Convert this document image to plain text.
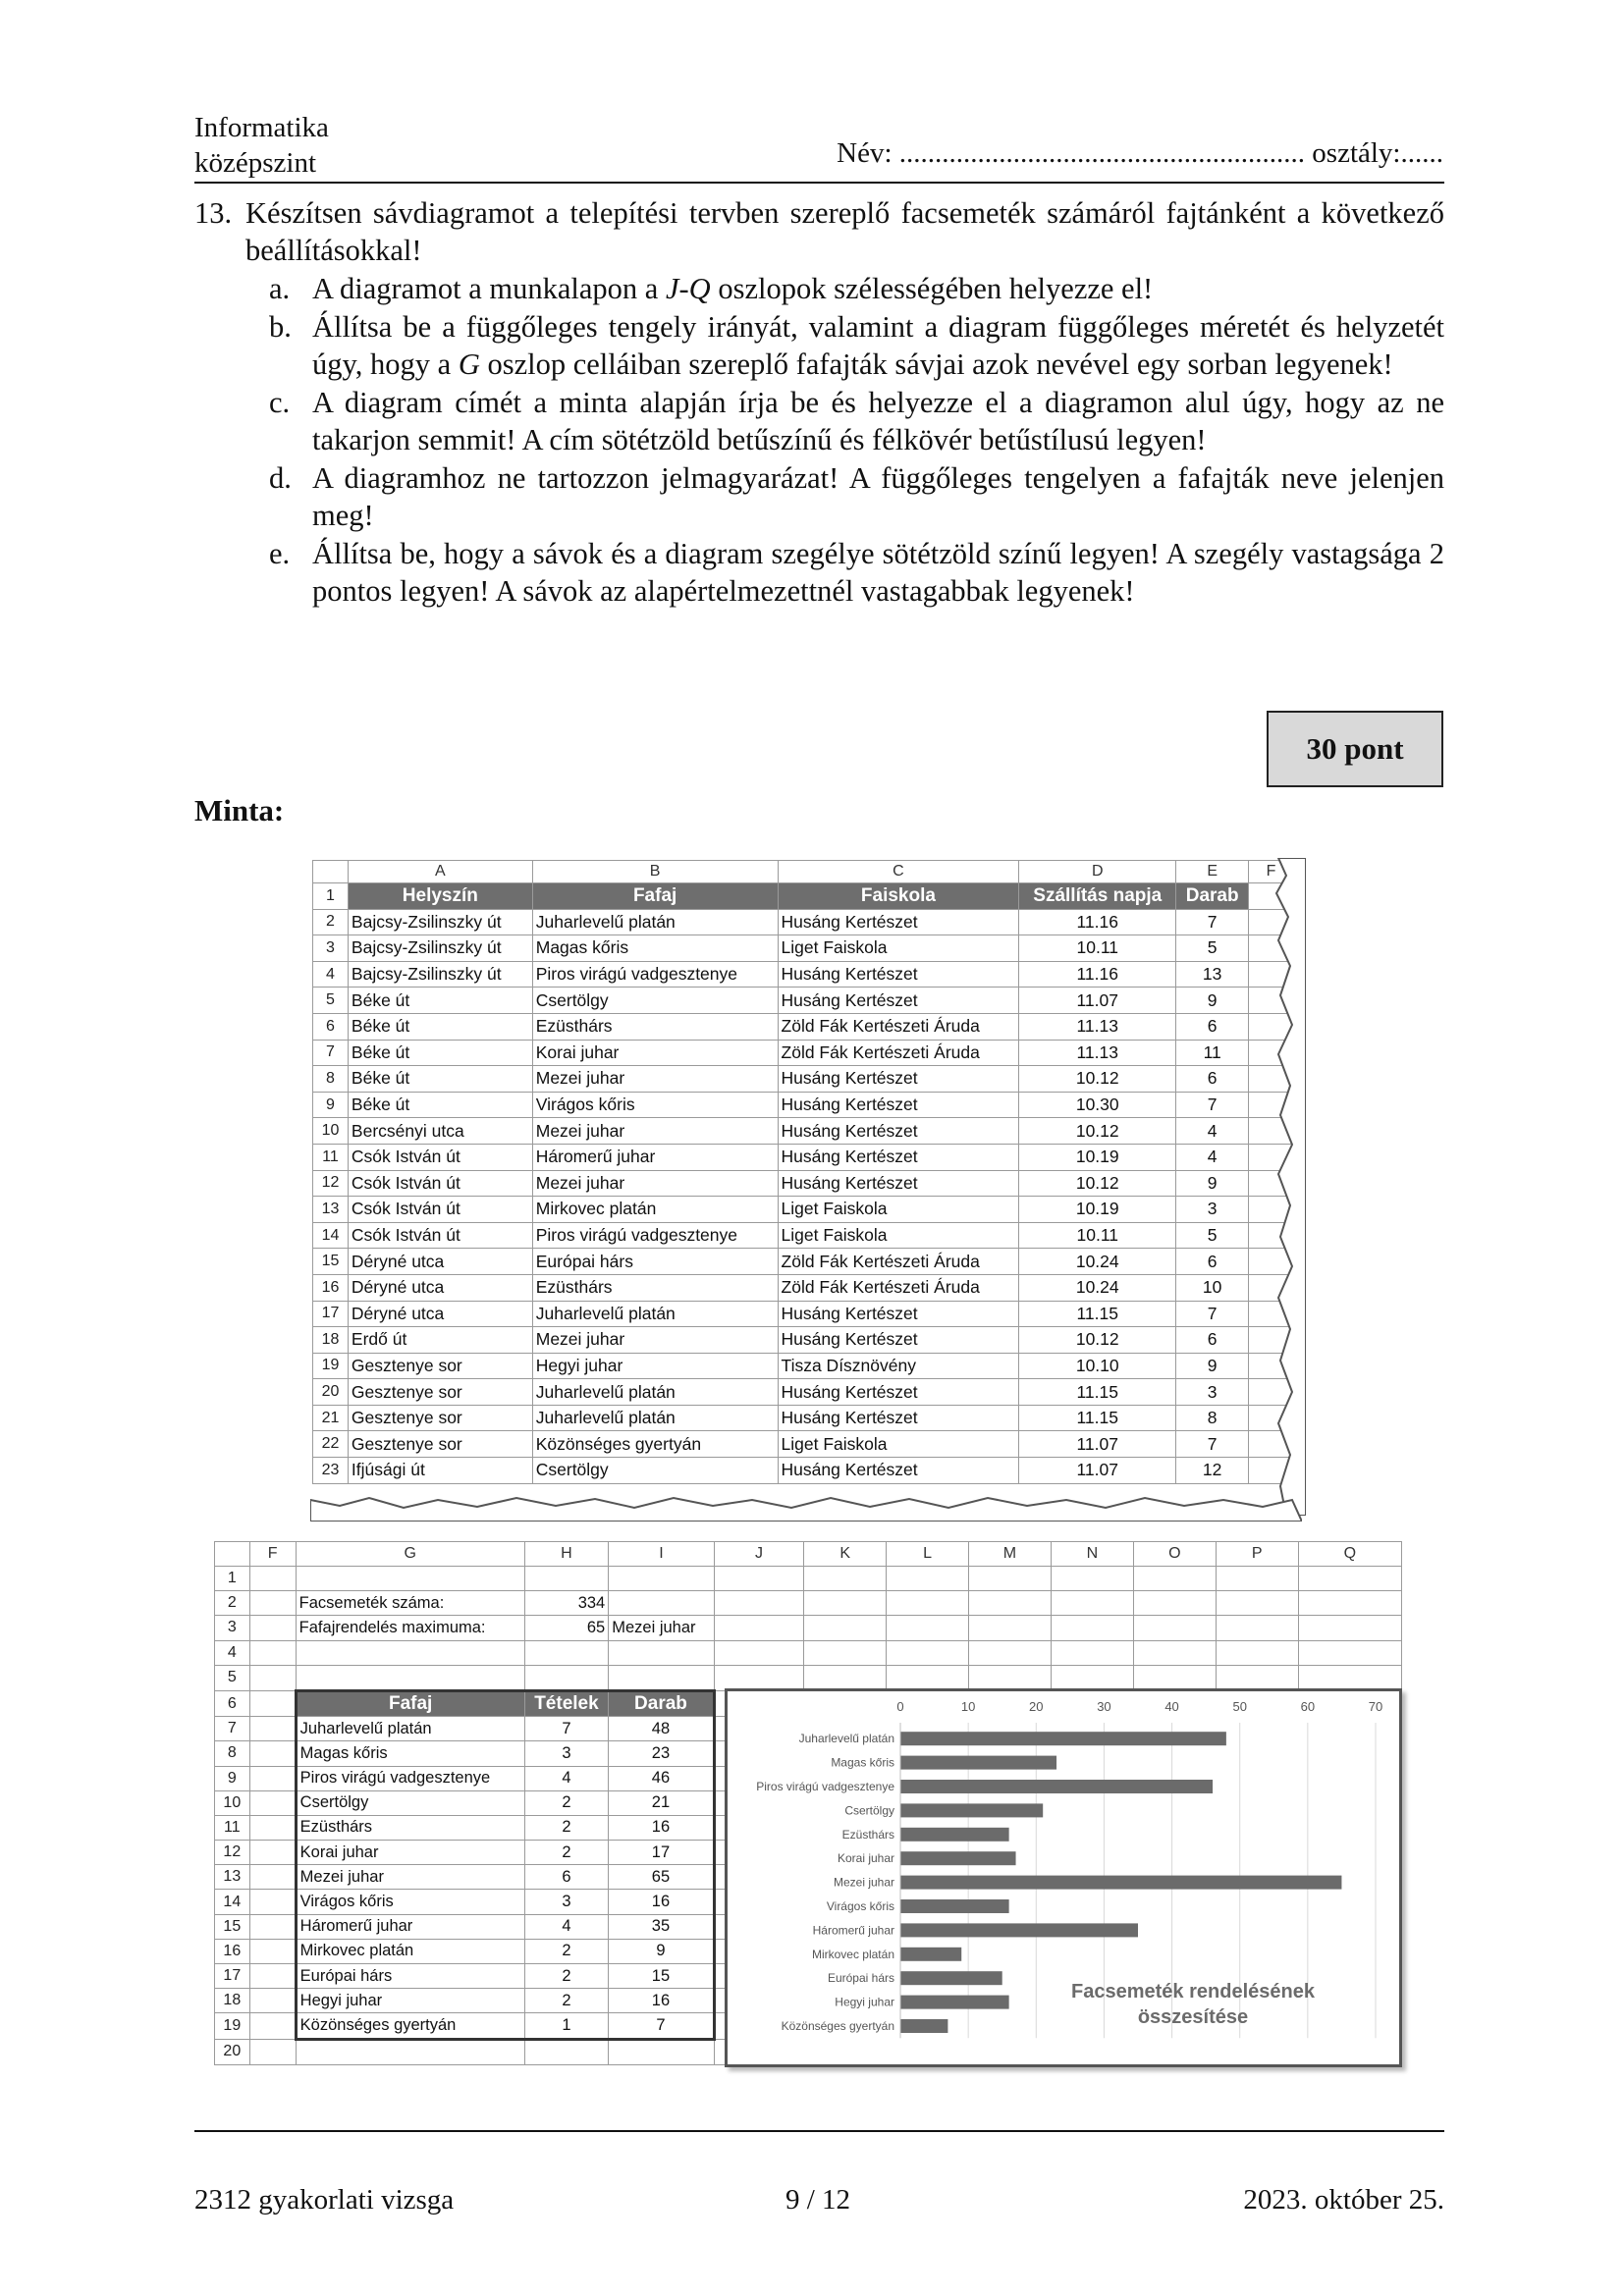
Informatika
középszint	Név: ......................................................... osztály:......
13. Készítsen sávdiagramot a telepítési tervben szereplő facsemeték számáról fajtánként a következő beállításokkal!

a. A diagramot a munkalapon a J-Q oszlopok szélességében helyezze el!
b. Állítsa be a függőleges tengely irányát, valamint a diagram függőleges méretét és helyzetét úgy, hogy a G oszlop celláiban szereplő fafajták sávjai azok nevével egy sorban legyenek!
c. A diagram címét a minta alapján írja be és helyezze el a diagramon alul úgy, hogy az ne takarjon semmit! A cím sötétzöld betűszínű és félkövér betűstílusú legyen!
d. A diagramhoz ne tartozzon jelmagyarázat! A függőleges tengelyen a fafajták neve jelenjen meg!
e. Állítsa be, hogy a sávok és a diagram szegélye sötétzöld színű legyen! A szegély vastagsága 2 pontos legyen! A sávok az alapértelmezettnél vastagabbak legyenek!
30 pont
Minta:
	A	B	C	D	E	F
1	Helyszín	Fafaj	Faiskola	Szállítás napja	Darab	
2	Bajcsy-Zsilinszky út	Juharlevelű platán	Husáng Kertészet	11.16	7	
3	Bajcsy-Zsilinszky út	Magas kőris	Liget Faiskola	10.11	5	
4	Bajcsy-Zsilinszky út	Piros virágú vadgesztenye	Husáng Kertészet	11.16	13	
5	Béke út	Csertölgy	Husáng Kertészet	11.07	9	
6	Béke út	Ezüsthárs	Zöld Fák Kertészeti Áruda	11.13	6	
7	Béke út	Korai juhar	Zöld Fák Kertészeti Áruda	11.13	11	
8	Béke út	Mezei juhar	Husáng Kertészet	10.12	6	
9	Béke út	Virágos kőris	Husáng Kertészet	10.30	7	
10	Bercsényi utca	Mezei juhar	Husáng Kertészet	10.12	4	
11	Csók István út	Háromerű juhar	Husáng Kertészet	10.19	4	
12	Csók István út	Mezei juhar	Husáng Kertészet	10.12	9	
13	Csók István út	Mirkovec platán	Liget Faiskola	10.19	3	
14	Csók István út	Piros virágú vadgesztenye	Liget Faiskola	10.11	5	
15	Déryné utca	Európai hárs	Zöld Fák Kertészeti Áruda	10.24	6	
16	Déryné utca	Ezüsthárs	Zöld Fák Kertészeti Áruda	10.24	10	
17	Déryné utca	Juharlevelű platán	Husáng Kertészet	11.15	7	
18	Erdő út	Mezei juhar	Husáng Kertészet	10.12	6	
19	Gesztenye sor	Hegyi juhar	Tisza Dísznövény	10.10	9	
20	Gesztenye sor	Juharlevelű platán	Husáng Kertészet	11.15	3	
21	Gesztenye sor	Juharlevelű platán	Husáng Kertészet	11.15	8	
22	Gesztenye sor	Közönséges gyertyán	Liget Faiskola	11.07	7	
23	Ifjúsági út	Csertölgy	Husáng Kertészet	11.07	12	
	F	G	H	I	J	K	L	M	N	O	P	Q
1												
2		Facsemeték száma:	334									
3		Fafajrendelés maximuma:	65	Mezei juhar								
4												
5												
6		Fafaj	Tételek	Darab								
7		Juharlevelű platán	7	48								
8		Magas kőris	3	23								
9		Piros virágú vadgesztenye	4	46								
10		Csertölgy	2	21								
11		Ezüsthárs	2	16								
12		Korai juhar	2	17								
13		Mezei juhar	6	65								
14		Virágos kőris	3	16								
15		Háromerű juhar	4	35								
16		Mirkovec platán	2	9								
17		Európai hárs	2	15								
18		Hegyi juhar	2	16								
19		Közönséges gyertyán	1	7								
20												
0	10	20	30	40	50	60	70
Juharlevelű platán
Magas kőris
Piros virágú vadgesztenye
Csertölgy
Ezüsthárs
Korai juhar
Mezei juhar
Virágos kőris
Háromerű juhar
Mirkovec platán
Európai hárs
Hegyi juhar
Közönséges gyertyán
Facsemeték rendelésének
összesítése
2312 gyakorlati vizsga	9 / 12	2023. október 25.
